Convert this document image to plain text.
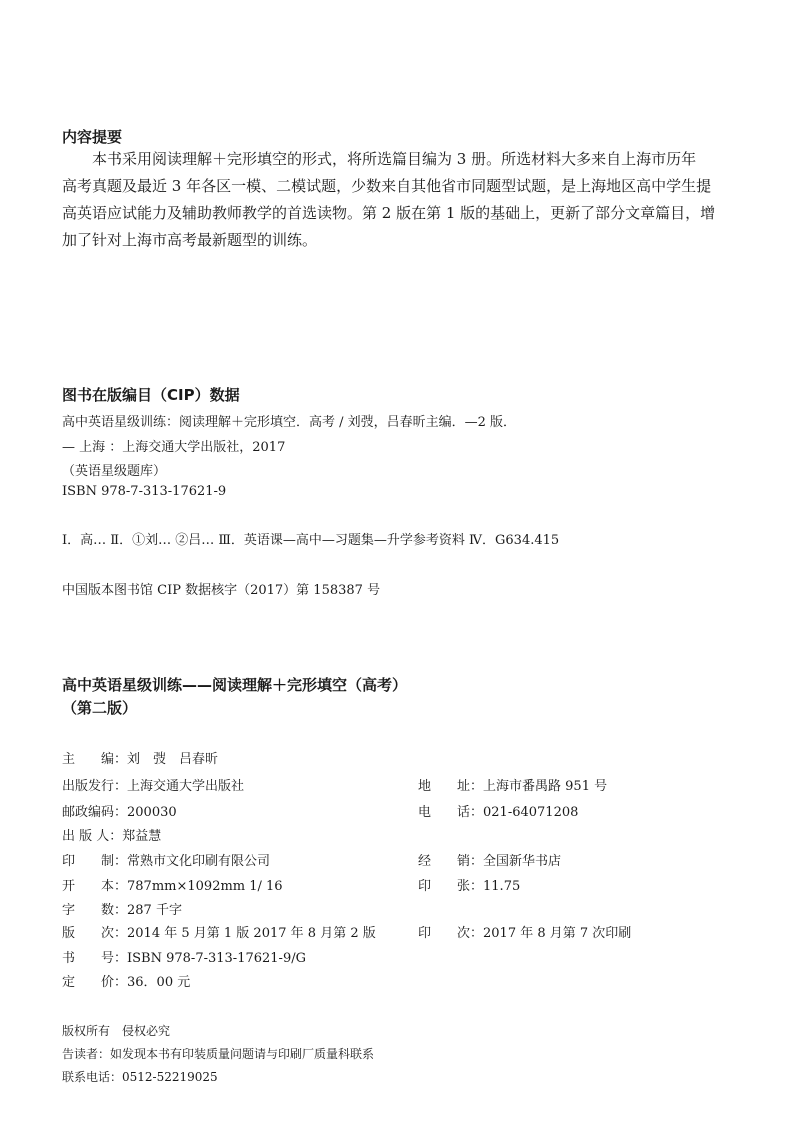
内容提要
本书采用阅读理解＋完形填空的形式，将所选篇目编为 3 册。所选材料大多来自上海市历年
高考真题及最近 3 年各区一模、二模试题，少数来自其他省市同题型试题，是上海地区高中学生提
高英语应试能力及辅助教师教学的首选读物。第 2 版在第 1 版的基础上，更新了部分文章篇目，增
加了针对上海市高考最新题型的训练。
图书在版编目（CIP）数据
高中英语星级训练：阅读理解＋完形填空．高考 / 刘弢，吕春昕主编．—2 版．
— 上海 ：上海交通大学出版社，2017
（英语星级题库）
ISBN 978-7-313-17621-9
Ⅰ．高… Ⅱ．①刘… ②吕… Ⅲ．英语课—高中—习题集—升学参考资料 Ⅳ．G634.415
中国版本图书馆 CIP 数据核字（2017）第 158387 号
高中英语星级训练——阅读理解＋完形填空（高考）
（第二版）
主　　编：刘　弢　吕春昕
出版发行：上海交通大学出版社
邮政编码：200030
出 版 人：郑益慧
印　　制：常熟市文化印刷有限公司
开　　本：787mm×1092mm 1/ 16
字　　数：287 千字
版　　次：2014 年 5 月第 1 版 2017 年 8 月第 2 版
书　　号：ISBN 978-7-313-17621-9/G
定　　价：36．00 元
地　　址：上海市番禺路 951 号
电　　话：021-64071208
经　　销：全国新华书店
印　　张：11.75
印　　次：2017 年 8 月第 7 次印刷
版权所有　侵权必究
告读者：如发现本书有印装质量问题请与印刷厂质量科联系
联系电话：0512-52219025
